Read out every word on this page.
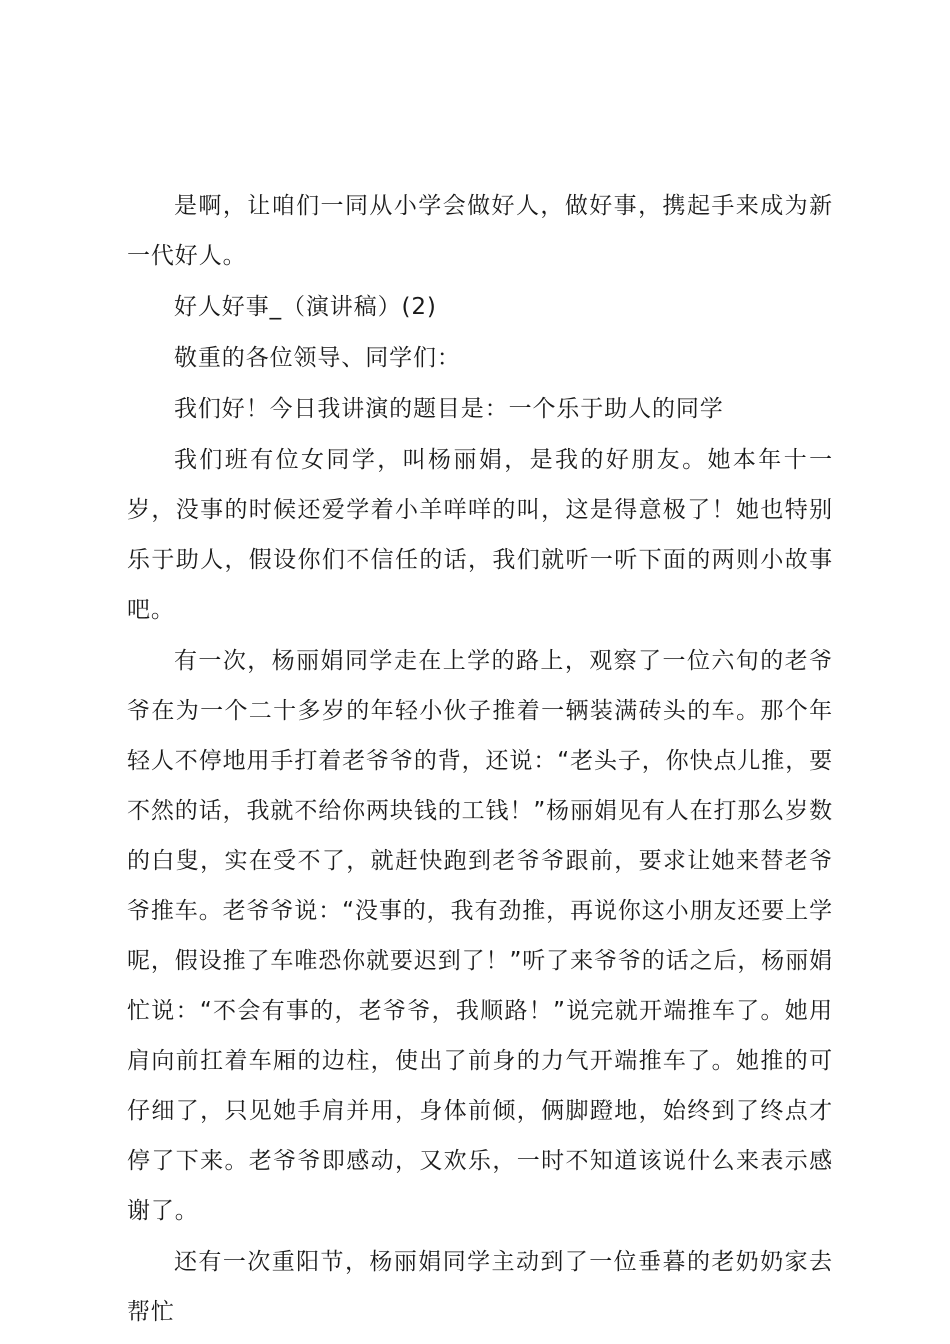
是啊，让咱们一同从小学会做好人，做好事，携起手来成为新一代好人。

好人好事_（演讲稿）(2)

敬重的各位领导、同学们：

我们好！今日我讲演的题目是：一个乐于助人的同学

我们班有位女同学，叫杨丽娟，是我的好朋友。她本年十一岁，没事的时候还爱学着小羊咩咩的叫，这是得意极了！她也特别乐于助人，假设你们不信任的话，我们就听一听下面的两则小故事吧。

有一次，杨丽娟同学走在上学的路上，观察了一位六旬的老爷爷在为一个二十多岁的年轻小伙子推着一辆装满砖头的车。那个年轻人不停地用手打着老爷爷的背，还说：“老头子，你快点儿推，要不然的话，我就不给你两块钱的工钱！”杨丽娟见有人在打那么岁数的白叟，实在受不了，就赶快跑到老爷爷跟前，要求让她来替老爷爷推车。老爷爷说：“没事的，我有劲推，再说你这小朋友还要上学呢，假设推了车唯恐你就要迟到了！”听了来爷爷的话之后，杨丽娟忙说：“不会有事的，老爷爷，我顺路！”说完就开端推车了。她用肩向前扛着车厢的边柱，使出了前身的力气开端推车了。她推的可仔细了，只见她手肩并用，身体前倾，俩脚蹬地，始终到了终点才停了下来。老爷爷即感动，又欢乐，一时不知道该说什么来表示感谢了。

还有一次重阳节，杨丽娟同学主动到了一位垂暮的老奶奶家去帮忙
